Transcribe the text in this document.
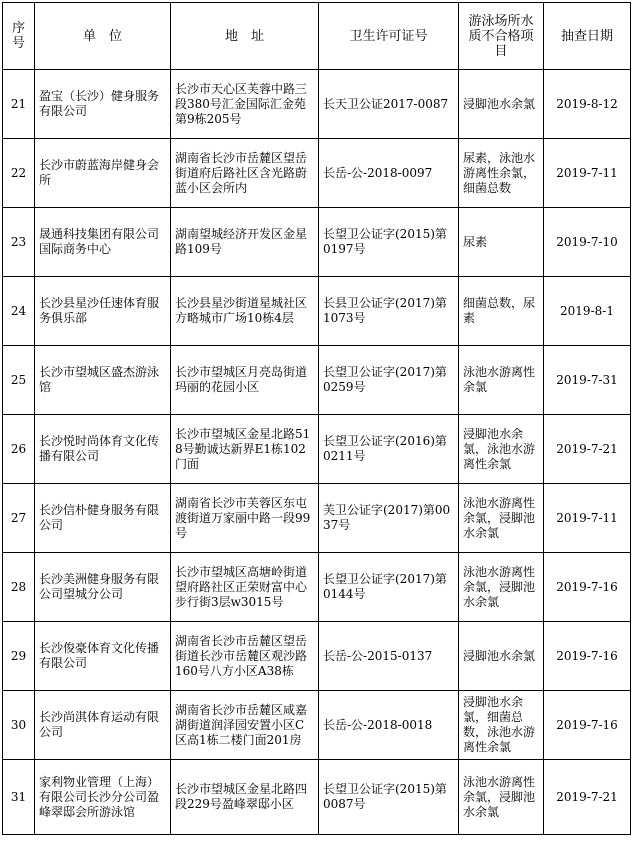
序号	单　位	地　址	卫生许可证号	游泳场所水质不合格项目	抽查日期
21	盈宝（长沙）健身服务有限公司	长沙市天心区芙蓉中路三段380号汇金国际汇金苑第9栋205号	长天卫公证2017-0087	浸脚池水余氯	2019-8-12
22	长沙市蔚蓝海岸健身会所	湖南省长沙市岳麓区望岳街道府后路社区含光路蔚蓝小区会所内	长岳-公-2018-0097	尿素，泳池水游离性余氯，细菌总数	2019-7-11
23	晟通科技集团有限公司国际商务中心	湖南望城经济开发区金星路109号	长望卫公证字(2015)第0197号	尿素	2019-7-10
24	长沙县星沙任速体育服务俱乐部	长沙县星沙街道星城社区方略城市广场10栋4层	长县卫公证字(2017)第1073号	细菌总数，尿素	2019-8-1
25	长沙市望城区盛杰游泳馆	长沙市望城区月亮岛街道玛丽的花园小区	长望卫公证字(2017)第0259号	泳池水游离性余氯	2019-7-31
26	长沙悦时尚体育文化传播有限公司	长沙市望城区金星北路518号勤诚达新界E1栋102门面	长望卫公证字(2016)第0211号	浸脚池水余氯，泳池水游离性余氯	2019-7-21
27	长沙信朴健身服务有限公司	湖南省长沙市芙蓉区东屯渡街道万家丽中路一段99号	芙卫公证字(2017)第0037号	泳池水游离性余氯，浸脚池水余氯	2019-7-11
28	长沙美洲健身服务有限公司望城分公司	长沙市望城区高塘岭街道望府路社区正荣财富中心步行街3层w3015号	长望卫公证字(2017)第0144号	泳池水游离性余氯，浸脚池水余氯	2019-7-16
29	长沙俊豪体育文化传播有限公司	湖南省长沙市岳麓区望岳街道长沙市岳麓区观沙路160号八方小区A38栋	长岳-公-2015-0137	浸脚池水余氯	2019-7-16
30	长沙尚淇体育运动有限公司	湖南省长沙市岳麓区咸嘉湖街道润泽园安置小区C区高1栋二楼门面201房	长岳-公-2018-0018	浸脚池水余氯，细菌总数，泳池水游离性余氯	2019-7-16
31	家利物业管理（上海）有限公司长沙分公司盈峰翠邸会所游泳馆	长沙市望城区金星北路四段229号盈峰翠邸小区	长望卫公证字(2015)第0087号	泳池水游离性余氯，浸脚池水余氯	2019-7-21
